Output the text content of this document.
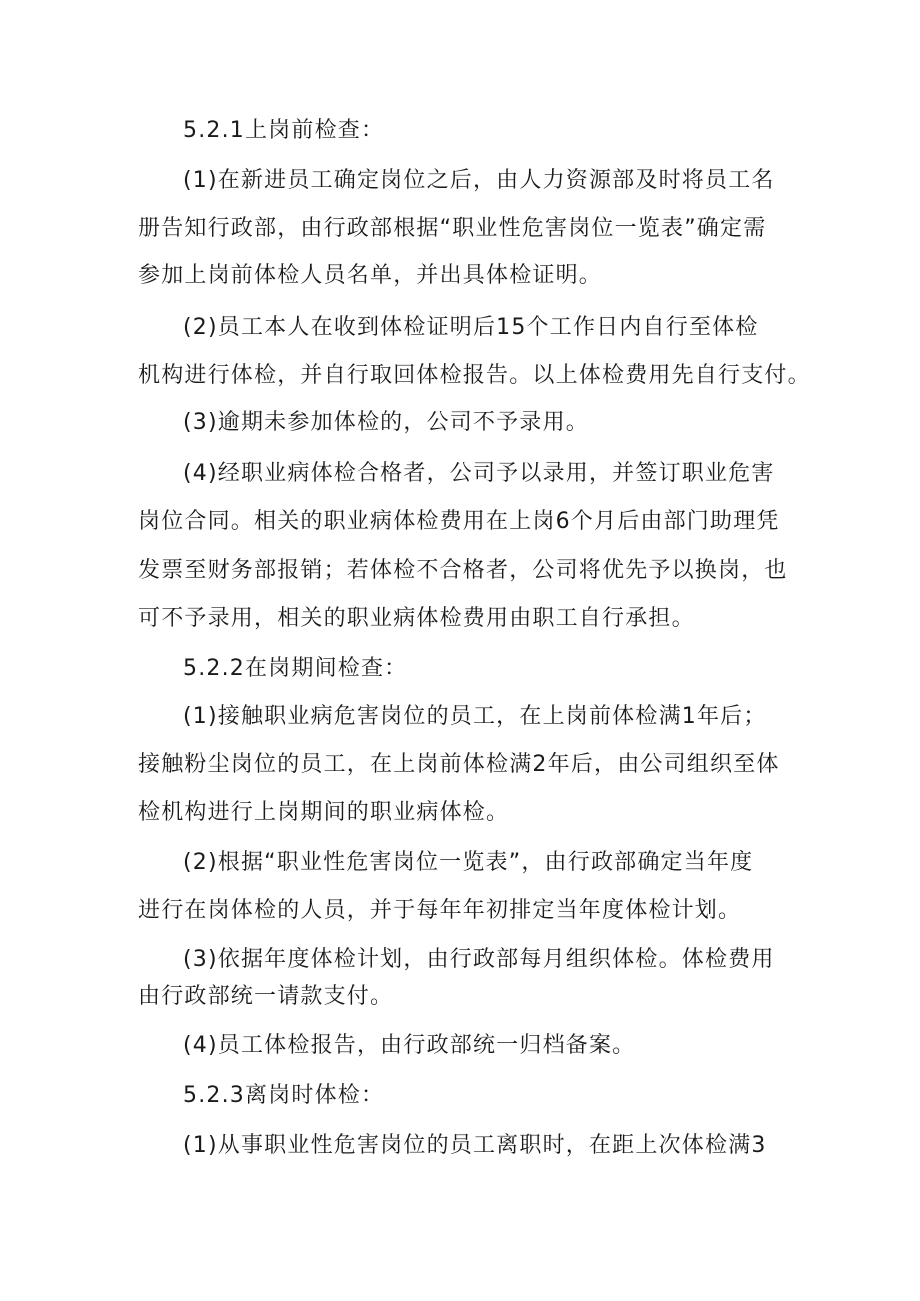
5.2.1上岗前检查：
(1)在新进员工确定岗位之后，由人力资源部及时将员工名
册告知行政部，由行政部根据“职业性危害岗位一览表”确定需
参加上岗前体检人员名单，并出具体检证明。
(2)员工本人在收到体检证明后15个工作日内自行至体检
机构进行体检，并自行取回体检报告。以上体检费用先自行支付。
(3)逾期未参加体检的，公司不予录用。
(4)经职业病体检合格者，公司予以录用，并签订职业危害
岗位合同。相关的职业病体检费用在上岗6个月后由部门助理凭
发票至财务部报销；若体检不合格者，公司将优先予以换岗，也
可不予录用，相关的职业病体检费用由职工自行承担。
5.2.2在岗期间检查：
(1)接触职业病危害岗位的员工，在上岗前体检满1年后；
接触粉尘岗位的员工，在上岗前体检满2年后，由公司组织至体
检机构进行上岗期间的职业病体检。
(2)根据“职业性危害岗位一览表”，由行政部确定当年度
进行在岗体检的人员，并于每年年初排定当年度体检计划。
(3)依据年度体检计划，由行政部每月组织体检。体检费用
由行政部统一请款支付。
(4)员工体检报告，由行政部统一归档备案。
5.2.3离岗时体检：
(1)从事职业性危害岗位的员工离职时，在距上次体检满3
